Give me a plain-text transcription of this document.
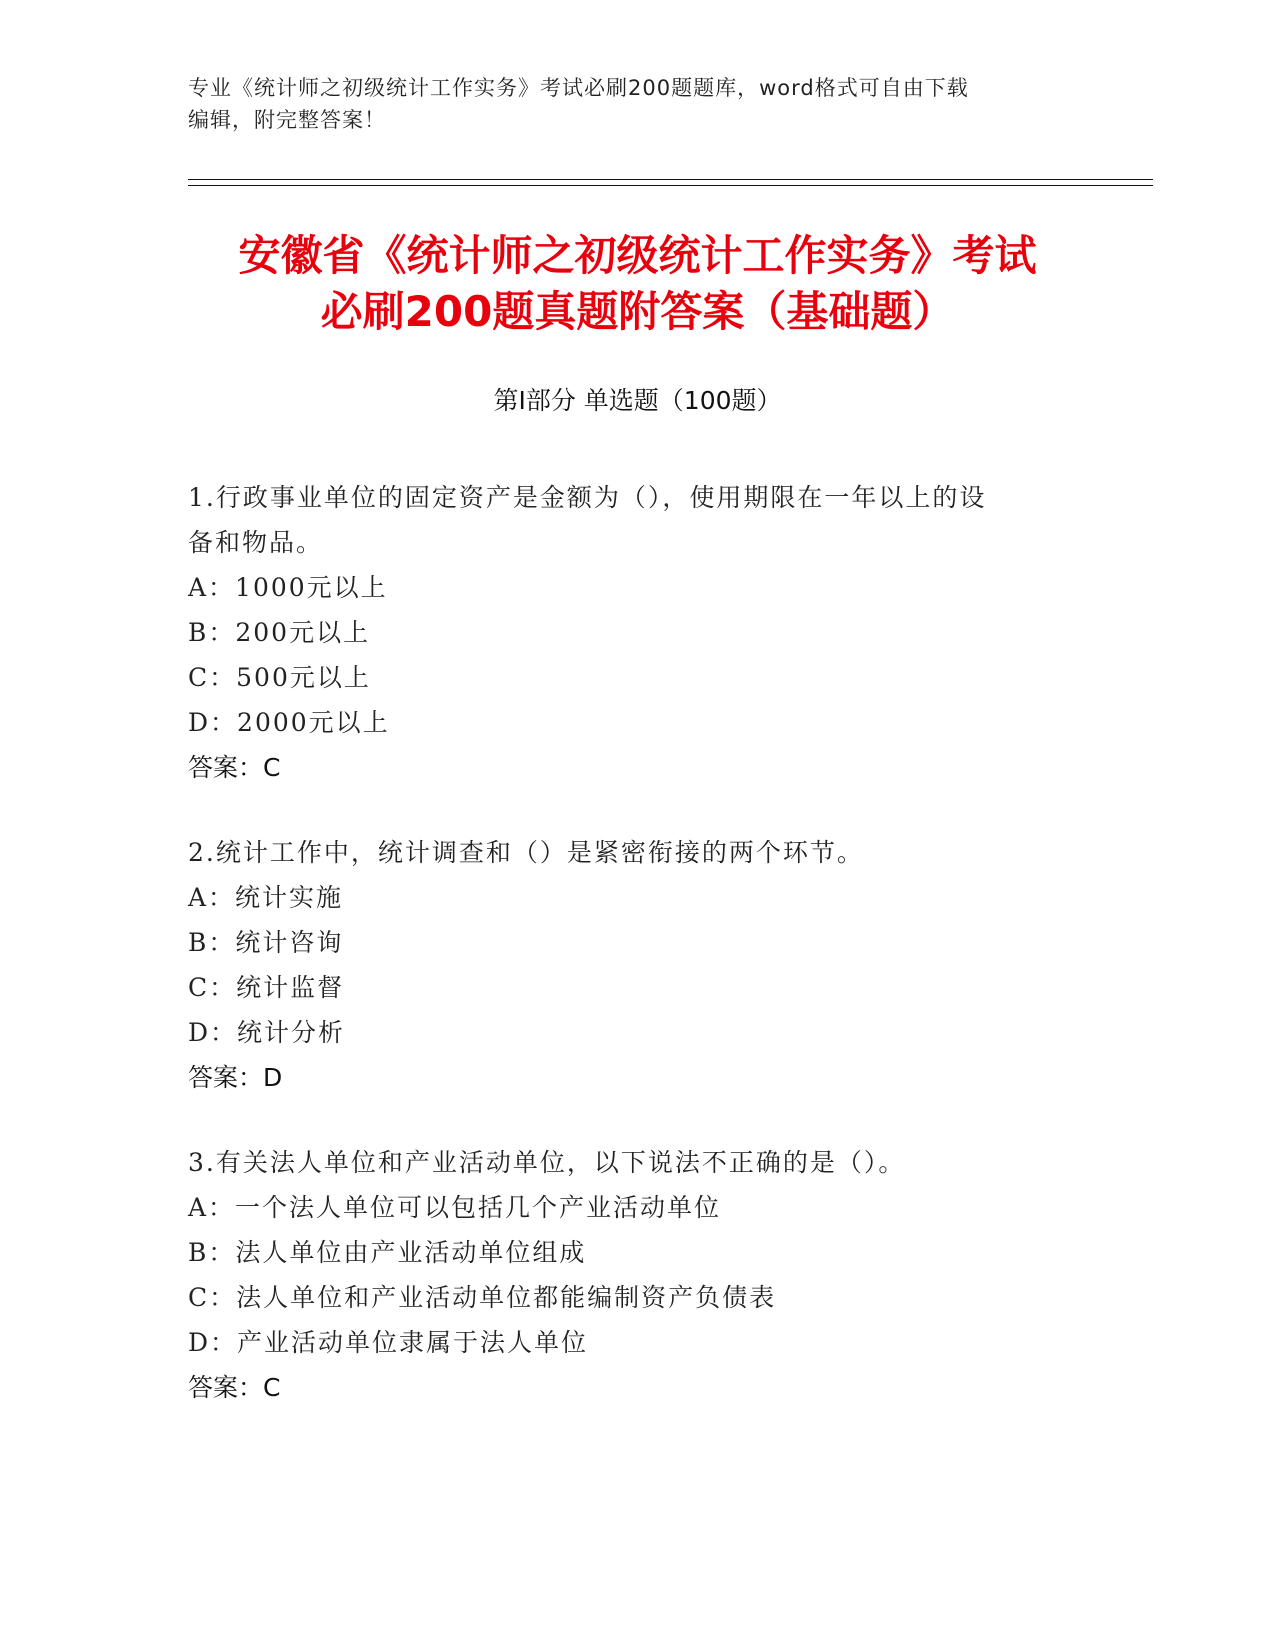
专业《统计师之初级统计工作实务》考试必刷200题题库，word格式可自由下载
编辑，附完整答案！
安徽省《统计师之初级统计工作实务》考试
必刷200题真题附答案（基础题）
第Ⅰ部分 单选题（100题）
1.行政事业单位的固定资产是金额为（），使用期限在一年以上的设
备和物品。
A：1000元以上
B：200元以上
C：500元以上
D：2000元以上
答案：C
2.统计工作中，统计调查和（）是紧密衔接的两个环节。
A：统计实施
B：统计咨询
C：统计监督
D：统计分析
答案：D
3.有关法人单位和产业活动单位，以下说法不正确的是（）。
A：一个法人单位可以包括几个产业活动单位
B：法人单位由产业活动单位组成
C：法人单位和产业活动单位都能编制资产负债表
D：产业活动单位隶属于法人单位
答案：C
